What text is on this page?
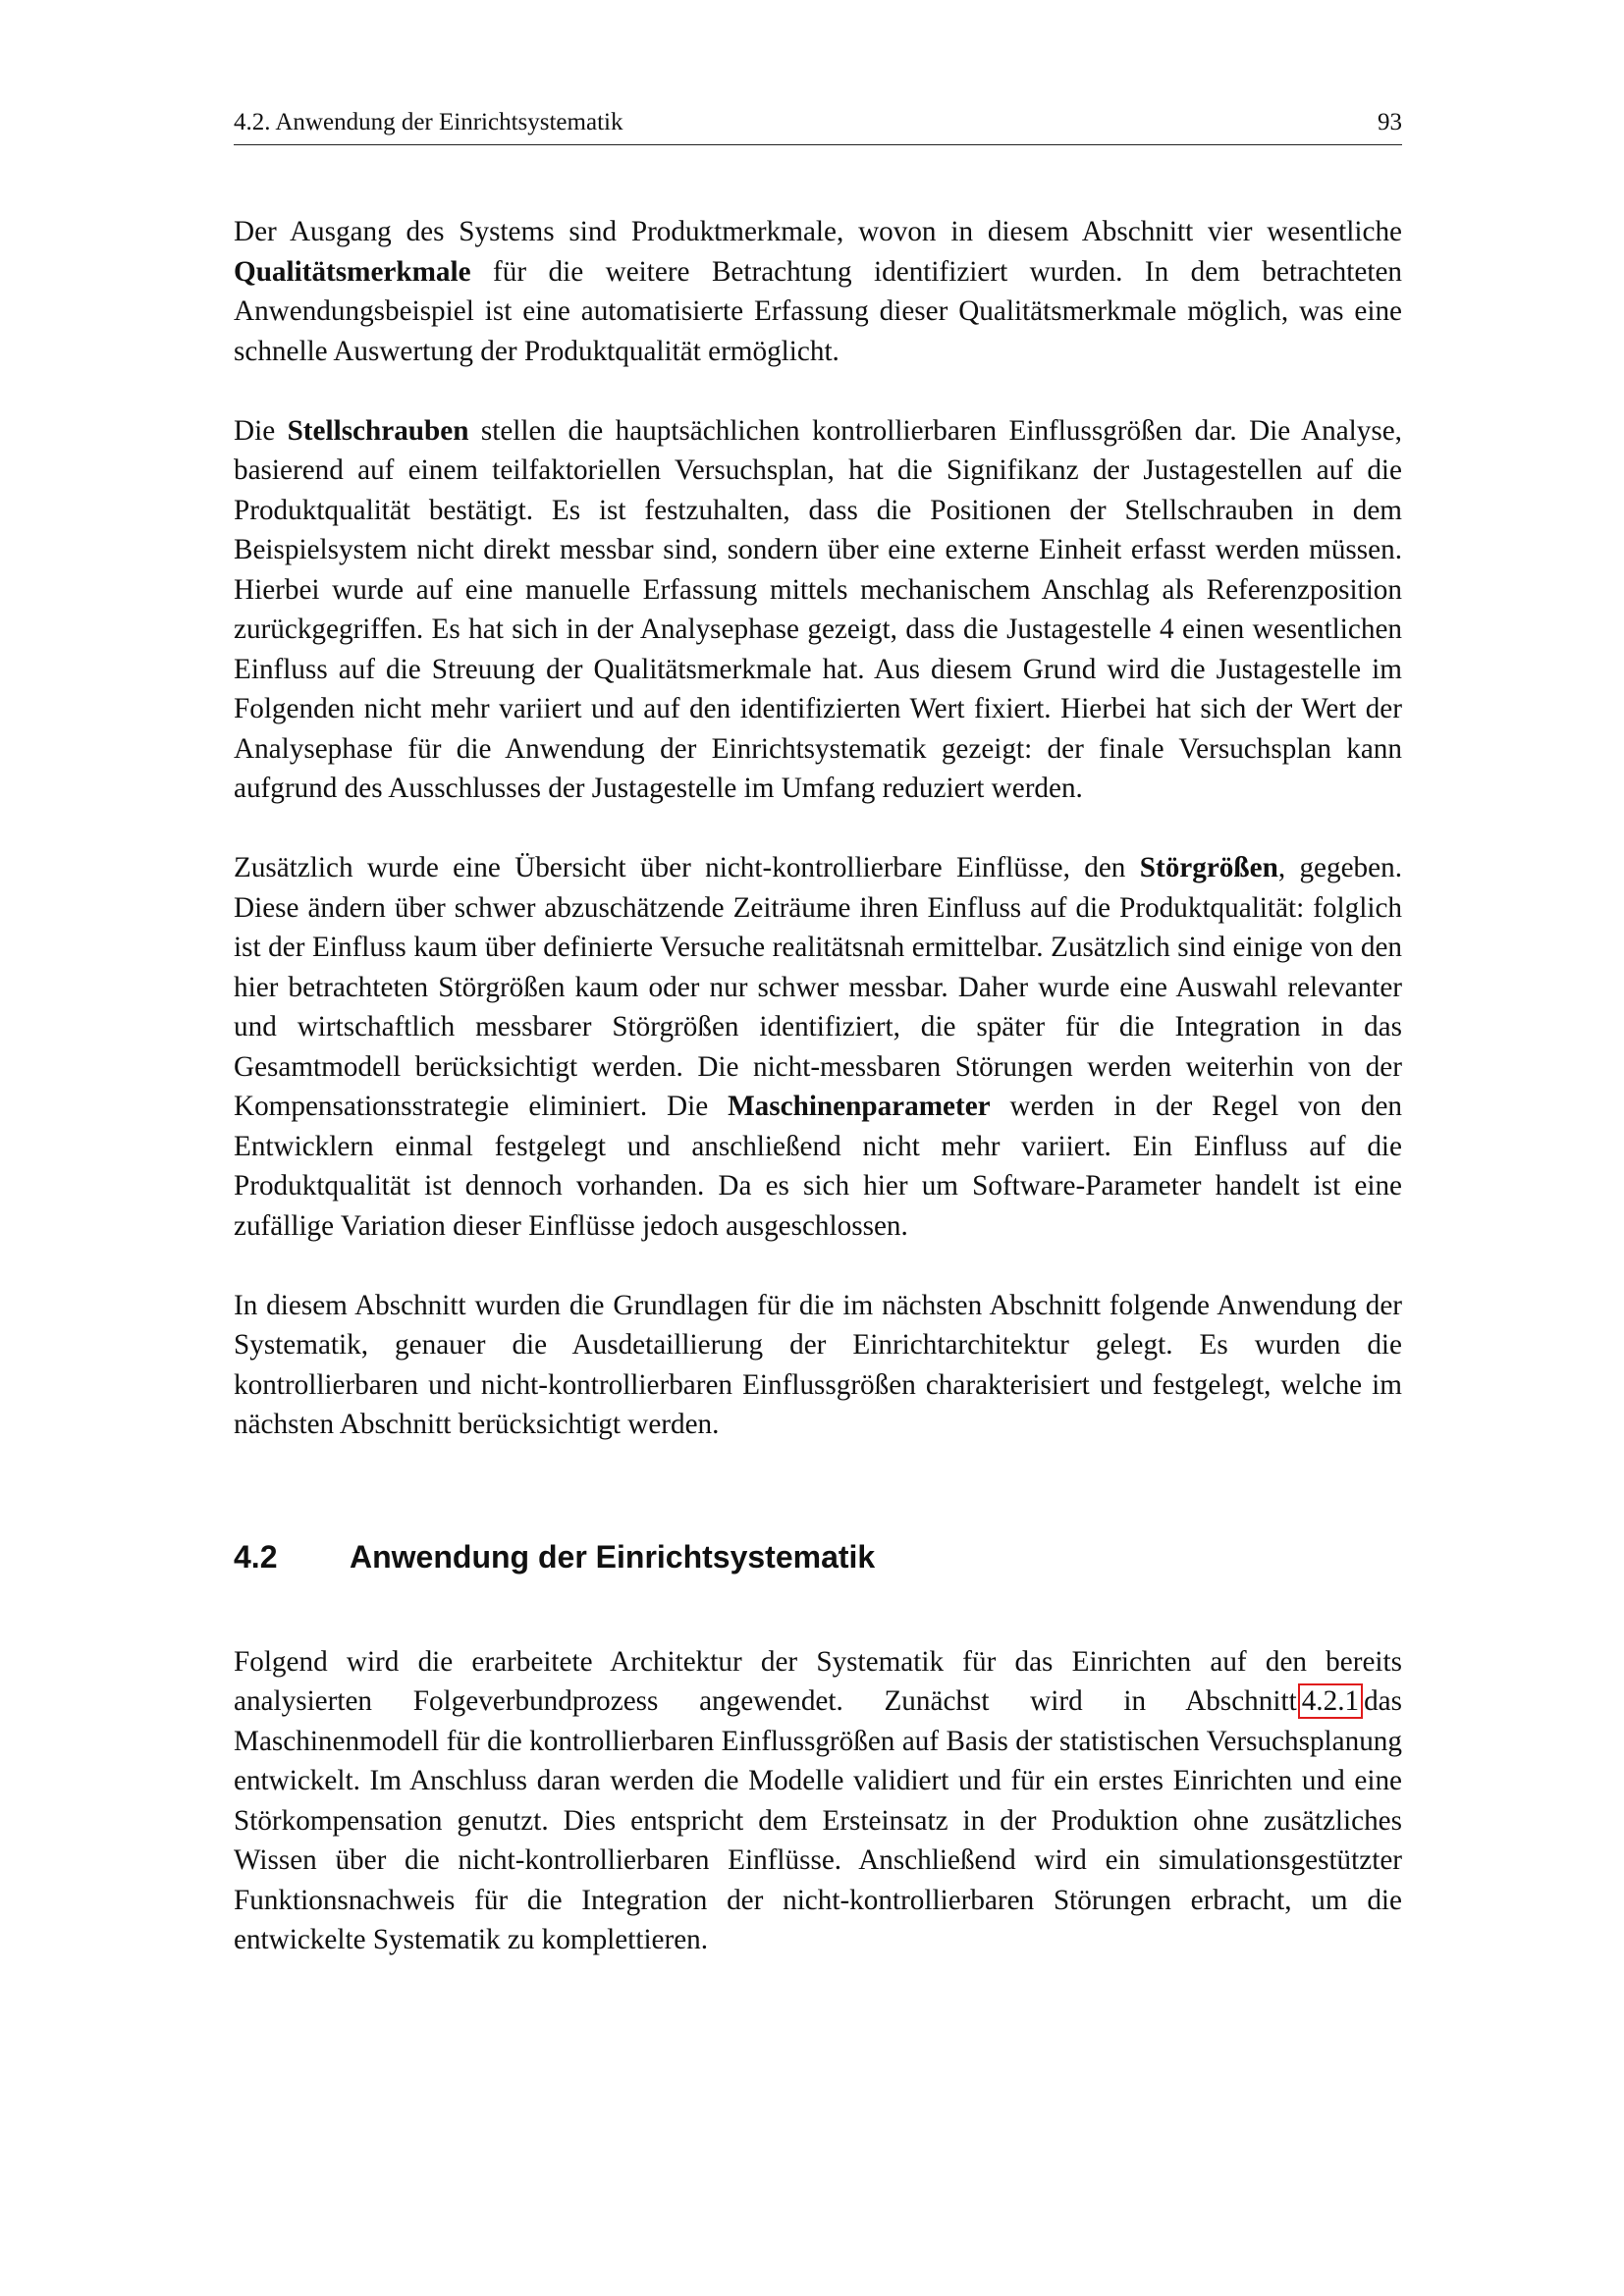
4.2. Anwendung der Einrichtsystematik	93

Der Ausgang des Systems sind Produktmerkmale, wovon in diesem Abschnitt vier wesentliche Qualitätsmerkmale für die weitere Betrachtung identifiziert wurden. In dem betrachteten Anwendungsbeispiel ist eine automatisierte Erfassung dieser Qualitätsmerkmale möglich, was eine schnelle Auswertung der Produktqualität ermöglicht.

Die Stellschrauben stellen die hauptsächlichen kontrollierbaren Einflussgrößen dar. Die Analyse, basierend auf einem teilfaktoriellen Versuchsplan, hat die Signifikanz der Justagestellen auf die Produktqualität bestätigt. Es ist festzuhalten, dass die Positionen der Stellschrauben in dem Beispielsystem nicht direkt messbar sind, sondern über eine externe Einheit erfasst werden müssen. Hierbei wurde auf eine manuelle Erfassung mittels mechanischem Anschlag als Referenzposition zurückgegriffen. Es hat sich in der Analysephase gezeigt, dass die Justagestelle 4 einen wesentlichen Einfluss auf die Streuung der Qualitätsmerkmale hat. Aus diesem Grund wird die Justagestelle im Folgenden nicht mehr variiert und auf den identifizierten Wert fixiert. Hierbei hat sich der Wert der Analysephase für die Anwendung der Einrichtsystematik gezeigt: der finale Versuchsplan kann aufgrund des Ausschlusses der Justagestelle im Umfang reduziert werden.

Zusätzlich wurde eine Übersicht über nicht-kontrollierbare Einflüsse, den Störgrößen, gegeben. Diese ändern über schwer abzuschätzende Zeiträume ihren Einfluss auf die Produktqualität: folglich ist der Einfluss kaum über definierte Versuche realitätsnah ermittelbar. Zusätzlich sind einige von den hier betrachteten Störgrößen kaum oder nur schwer messbar. Daher wurde eine Auswahl relevanter und wirtschaftlich messbarer Störgrößen identifiziert, die später für die Integration in das Gesamtmodell berücksichtigt werden. Die nicht-messbaren Störungen werden weiterhin von der Kompensationsstrategie eliminiert. Die Maschinenparameter werden in der Regel von den Entwicklern einmal festgelegt und anschließend nicht mehr variiert. Ein Einfluss auf die Produktqualität ist dennoch vorhanden. Da es sich hier um Software-Parameter handelt ist eine zufällige Variation dieser Einflüsse jedoch ausgeschlossen.

In diesem Abschnitt wurden die Grundlagen für die im nächsten Abschnitt folgende Anwendung der Systematik, genauer die Ausdetaillierung der Einrichtarchitektur gelegt. Es wurden die kontrollierbaren und nicht-kontrollierbaren Einflussgrößen charakterisiert und festgelegt, welche im nächsten Abschnitt berücksichtigt werden.

4.2	Anwendung der Einrichtsystematik

Folgend wird die erarbeitete Architektur der Systematik für das Einrichten auf den bereits analysierten Folgeverbundprozess angewendet. Zunächst wird in Abschnitt 4.2.1 das Maschinenmodell für die kontrollierbaren Einflussgrößen auf Basis der statistischen Versuchsplanung entwickelt. Im Anschluss daran werden die Modelle validiert und für ein erstes Einrichten und eine Störkompensation genutzt. Dies entspricht dem Ersteinsatz in der Produktion ohne zusätzliches Wissen über die nicht-kontrollierbaren Einflüsse. Anschließend wird ein simulationsgestützter Funktionsnachweis für die Integration der nicht-kontrollierbaren Störungen erbracht, um die entwickelte Systematik zu komplettieren.
